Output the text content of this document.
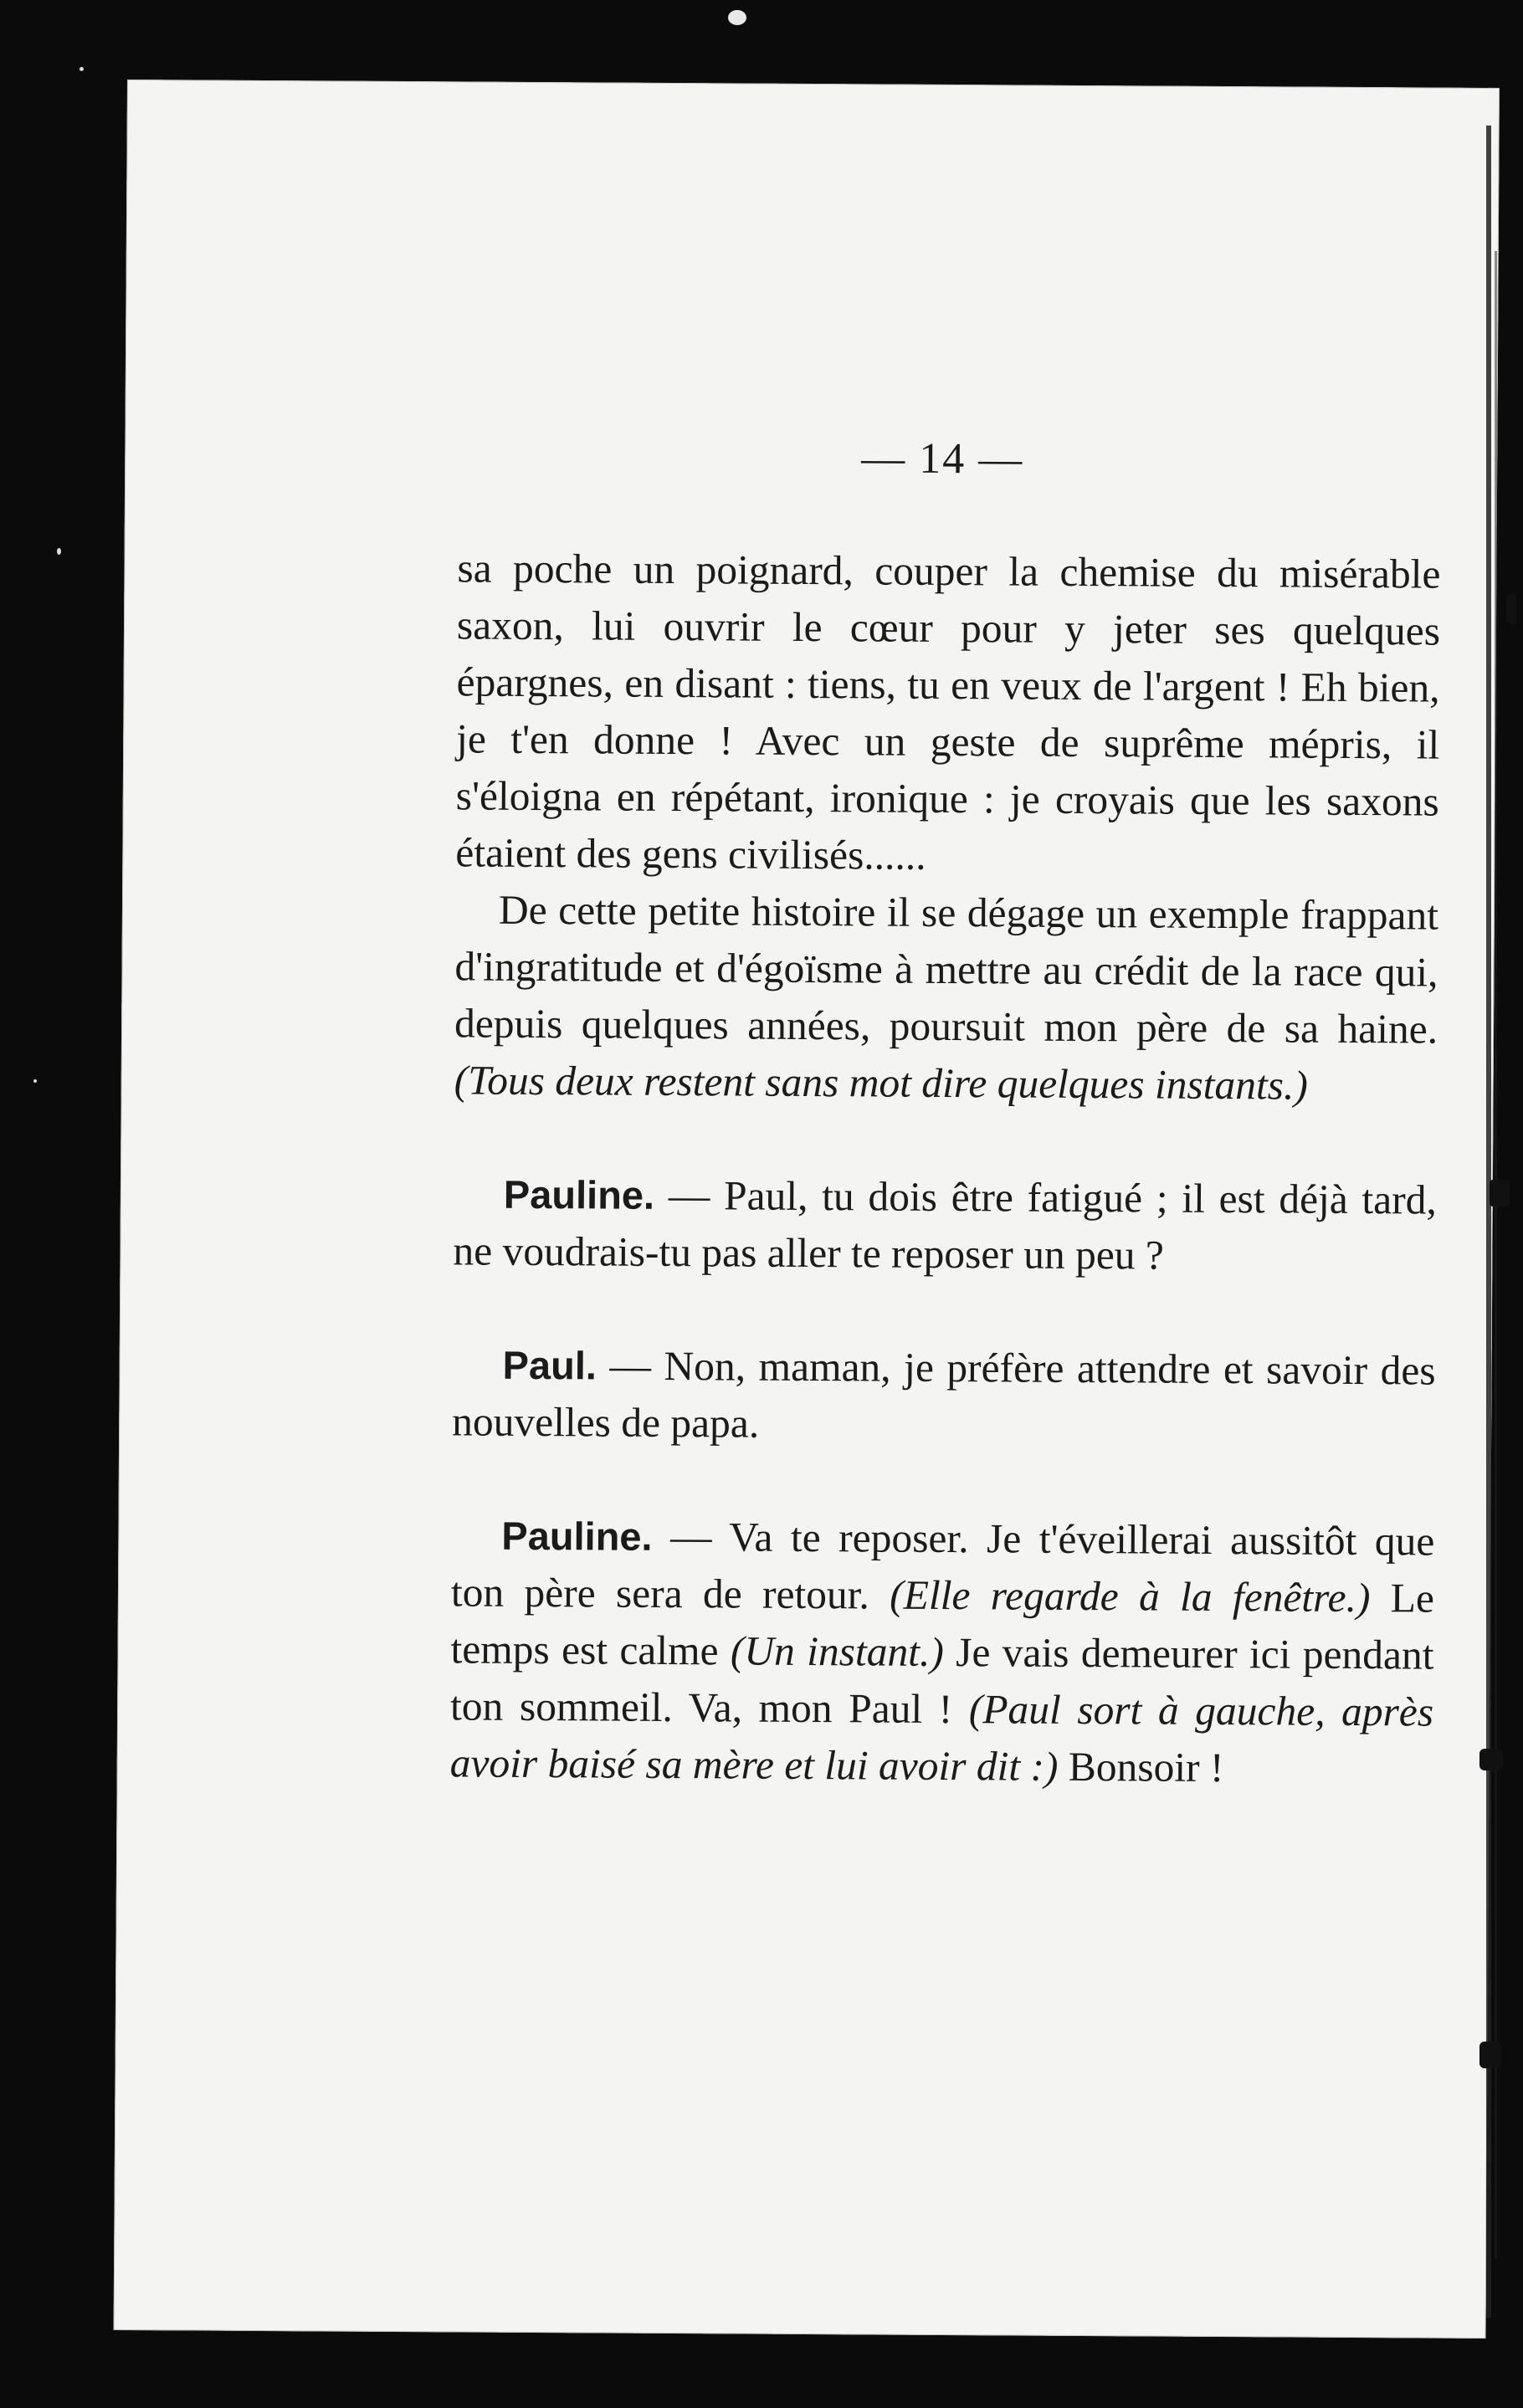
— 14 —

sa poche un poignard, couper la chemise du misérable saxon, lui ouvrir le cœur pour y jeter ses quelques épargnes, en disant : tiens, tu en veux de l'argent ! Eh bien, je t'en donne ! Avec un geste de suprême mépris, il s'éloigna en répétant, ironique : je croyais que les saxons étaient des gens civilisés......

De cette petite histoire il se dégage un exemple frappant d'ingratitude et d'égoïsme à mettre au crédit de la race qui, depuis quelques années, poursuit mon père de sa haine. (Tous deux restent sans mot dire quelques instants.)

Pauline. — Paul, tu dois être fatigué ; il est déjà tard, ne voudrais-tu pas aller te reposer un peu ?

Paul. — Non, maman, je préfère attendre et savoir des nouvelles de papa.

Pauline. — Va te reposer. Je t'éveillerai aussitôt que ton père sera de retour. (Elle regarde à la fenêtre.) Le temps est calme (Un instant.) Je vais demeurer ici pendant ton sommeil. Va, mon Paul ! (Paul sort à gauche, après avoir baisé sa mère et lui avoir dit :) Bonsoir !
